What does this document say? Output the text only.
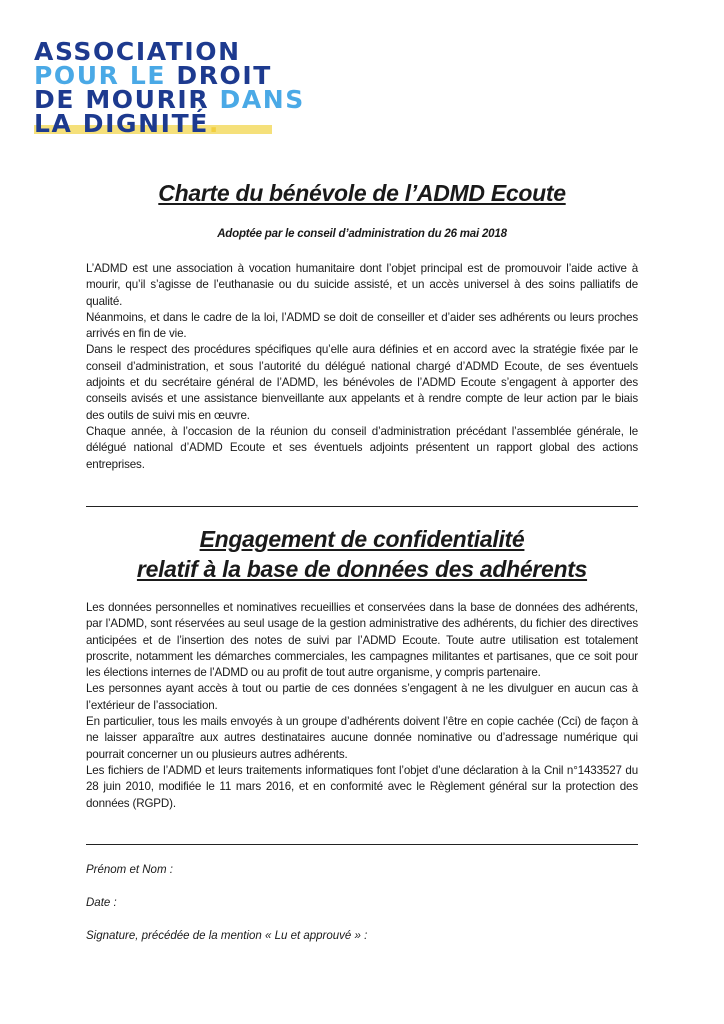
ASSOCIATION
POUR LE DROIT
DE MOURIR DANS
LA DIGNITÉ.
Charte du bénévole de l’ADMD Ecoute
Adoptée par le conseil d’administration du 26 mai 2018

L’ADMD est une association à vocation humanitaire dont l’objet principal est de promouvoir l’aide active à mourir, qu’il s’agisse de l’euthanasie ou du suicide assisté, et un accès universel à des soins palliatifs de qualité.

Néanmoins, et dans le cadre de la loi, l’ADMD se doit de conseiller et d’aider ses adhérents ou leurs proches arrivés en fin de vie.

Dans le respect des procédures spécifiques qu’elle aura définies et en accord avec la stratégie fixée par le conseil d’administration, et sous l’autorité du délégué national chargé d’ADMD Ecoute, de ses éventuels adjoints et du secrétaire général de l’ADMD, les bénévoles de l’ADMD Ecoute s’engagent à apporter des conseils avisés et une assistance bienveillante aux appelants et à rendre compte de leur action par le biais des outils de suivi mis en œuvre.

Chaque année, à l’occasion de la réunion du conseil d’administration précédant l’assemblée générale, le délégué national d’ADMD Ecoute et ses éventuels adjoints présentent un rapport global des actions entreprises.

Engagement de confidentialité
relatif à la base de données des adhérents

Les données personnelles et nominatives recueillies et conservées dans la base de données des adhérents, par l’ADMD, sont réservées au seul usage de la gestion administrative des adhérents, du fichier des directives anticipées et de l’insertion des notes de suivi par l’ADMD Ecoute. Toute autre utilisation est totalement proscrite, notamment les démarches commerciales, les campagnes militantes et partisanes, que ce soit pour les élections internes de l’ADMD ou au profit de tout autre organisme, y compris partenaire.

Les personnes ayant accès à tout ou partie de ces données s’engagent à ne les divulguer en aucun cas à l’extérieur de l’association.

En particulier, tous les mails envoyés à un groupe d’adhérents doivent l’être en copie cachée (Cci) de façon à ne laisser apparaître aux autres destinataires aucune donnée nominative ou d’adressage numérique qui pourrait concerner un ou plusieurs autres adhérents.

Les fichiers de l’ADMD et leurs traitements informatiques font l’objet d’une déclaration à la Cnil n°1433527 du 28 juin 2010, modifiée le 11 mars 2016, et en conformité avec le Règlement général sur la protection des données (RGPD).

Prénom et Nom :
Date :
Signature, précédée de la mention « Lu et approuvé » :
